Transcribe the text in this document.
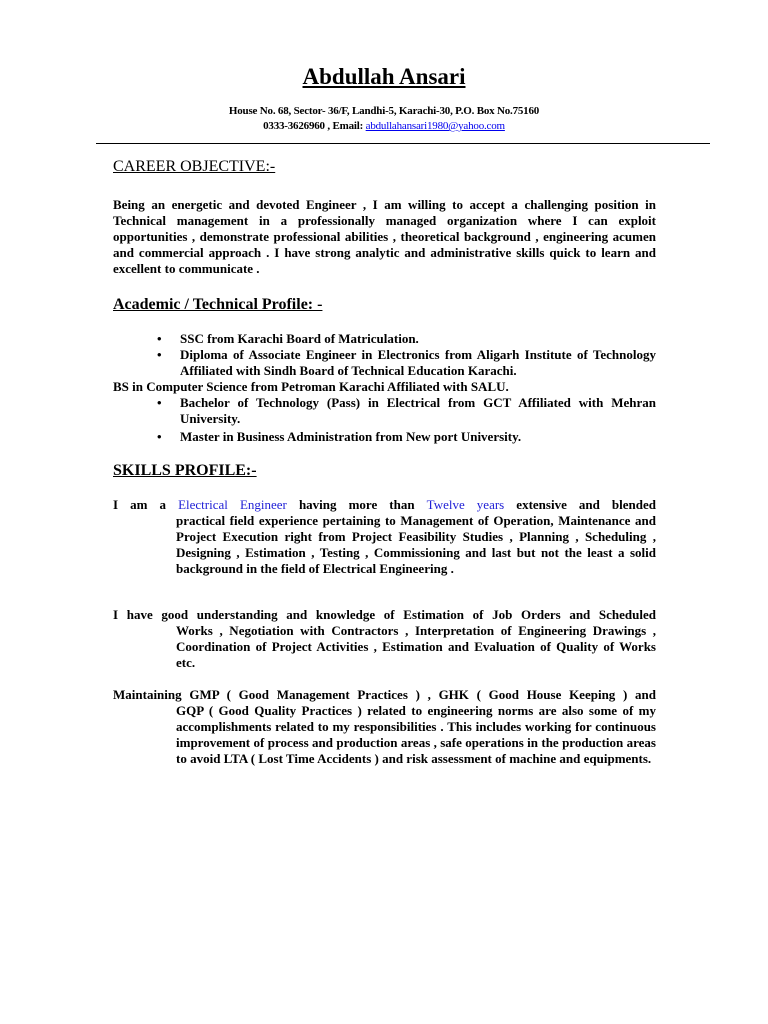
Abdullah Ansari
House No. 68, Sector- 36/F, Landhi-5, Karachi-30, P.O. Box No.75160
0333-3626960 , Email: abdullahansari1980@yahoo.com
CAREER OBJECTIVE:-
Being an energetic and devoted Engineer , I am willing to accept a challenging position in Technical management in a professionally managed organization where I can exploit opportunities , demonstrate professional abilities , theoretical background , engineering acumen and commercial approach . I have strong analytic and administrative skills quick to learn and excellent to communicate .
Academic / Technical Profile: -
• SSC from Karachi Board of Matriculation.
• Diploma of Associate Engineer in Electronics from Aligarh Institute of Technology Affiliated with Sindh Board of Technical Education Karachi.
BS in Computer Science from Petroman Karachi Affiliated with SALU.
• Bachelor of Technology (Pass) in Electrical from GCT Affiliated with Mehran University.
• Master in Business Administration from New port University.
SKILLS PROFILE:-
I am a Electrical Engineer having more than Twelve years extensive and blended
practical field experience pertaining to Management of Operation, Maintenance and Project Execution right from Project Feasibility Studies , Planning , Scheduling , Designing , Estimation , Testing , Commissioning and last but not the least a solid background in the field of Electrical Engineering .
I have good understanding and knowledge of Estimation of Job Orders and Scheduled
Works , Negotiation with Contractors , Interpretation of Engineering Drawings , Coordination of Project Activities , Estimation and Evaluation of Quality of Works etc.
Maintaining GMP ( Good Management Practices ) , GHK ( Good House Keeping ) and
GQP ( Good Quality Practices ) related to engineering norms are also some of my accomplishments related to my responsibilities . This includes working for continuous improvement of process and production areas , safe operations in the production areas to avoid LTA ( Lost Time Accidents ) and risk assessment of machine and equipments.
